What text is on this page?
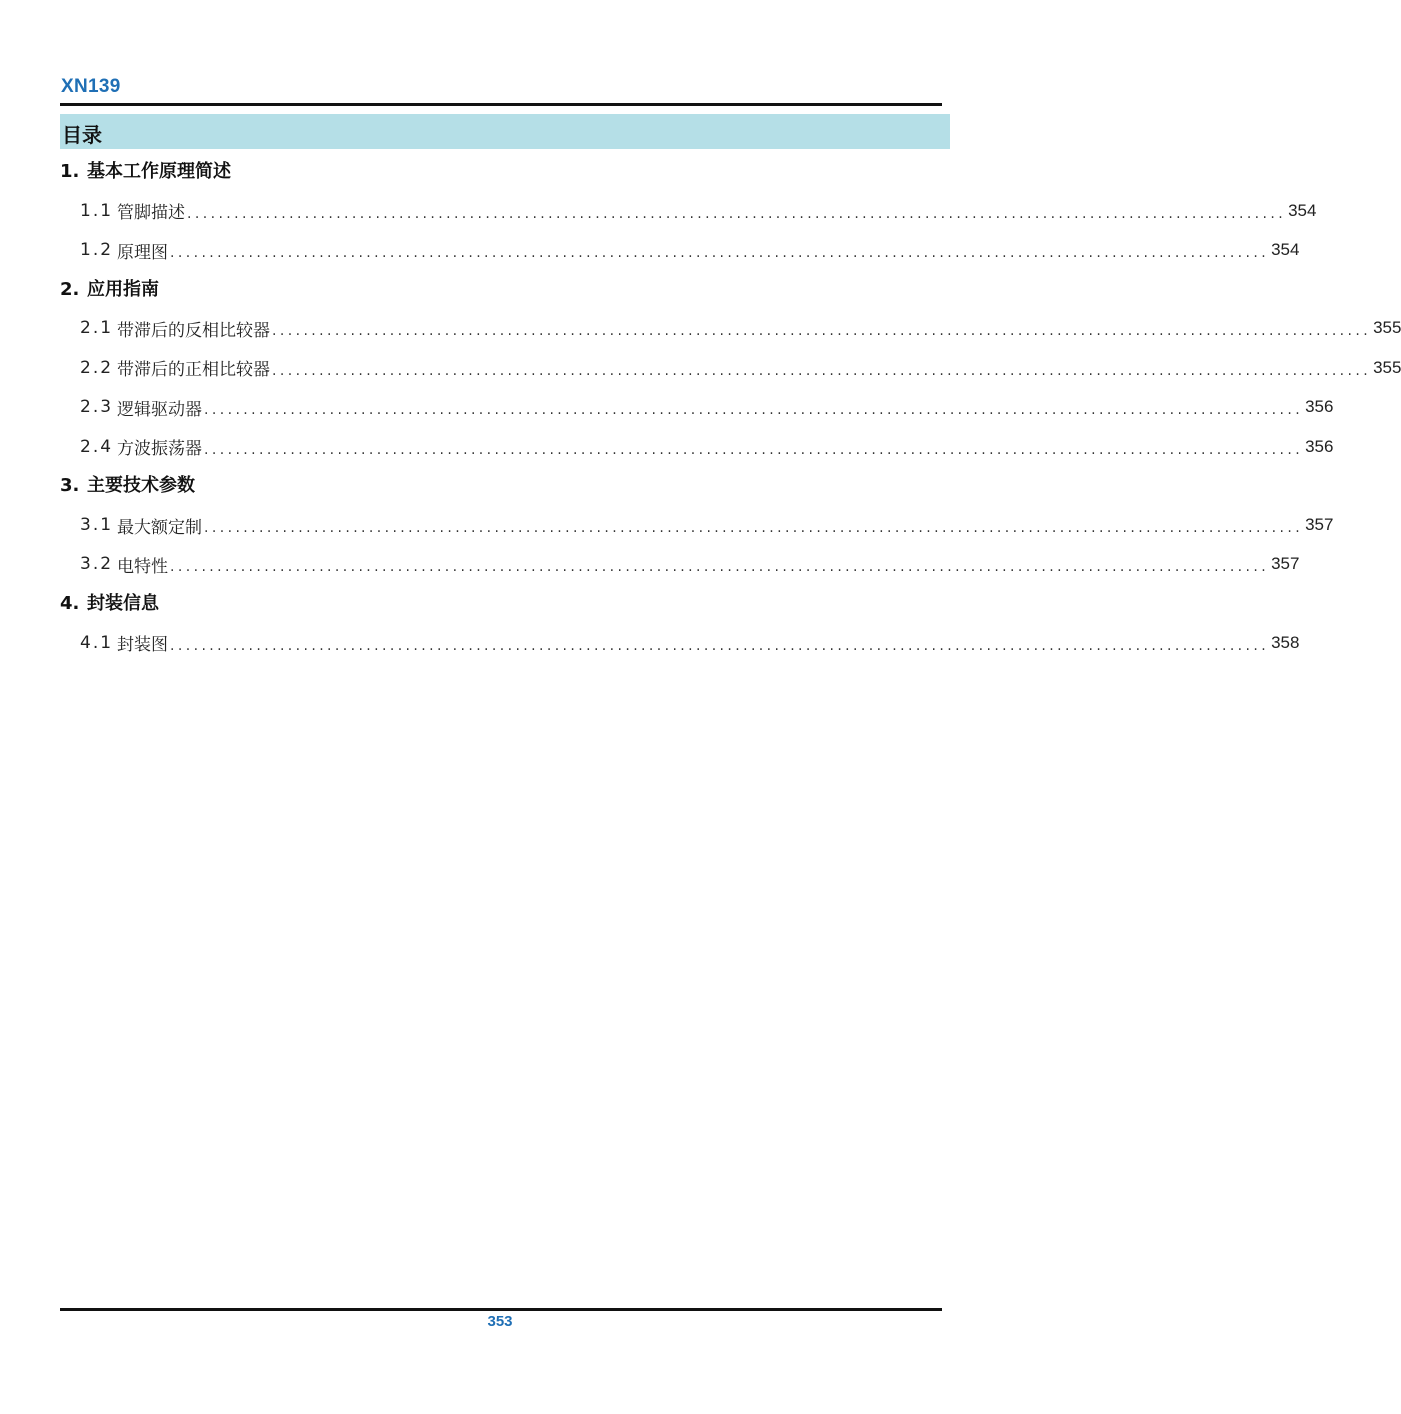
XN139
目录
1. 基本工作原理简述
1.1 管脚描述 ............................................................................................................................................ 354
1.2 原理图 ............................................................................................................................................ 354
2. 应用指南
2.1 带滞后的反相比较器 ............................................................................................................................................ 355
2.2 带滞后的正相比较器 ............................................................................................................................................ 355
2.3 逻辑驱动器 ............................................................................................................................................ 356
2.4 方波振荡器 ............................................................................................................................................ 356
3. 主要技术参数
3.1 最大额定制 ............................................................................................................................................ 357
3.2 电特性 ............................................................................................................................................ 357
4. 封装信息
4.1 封装图 ............................................................................................................................................ 358
353
